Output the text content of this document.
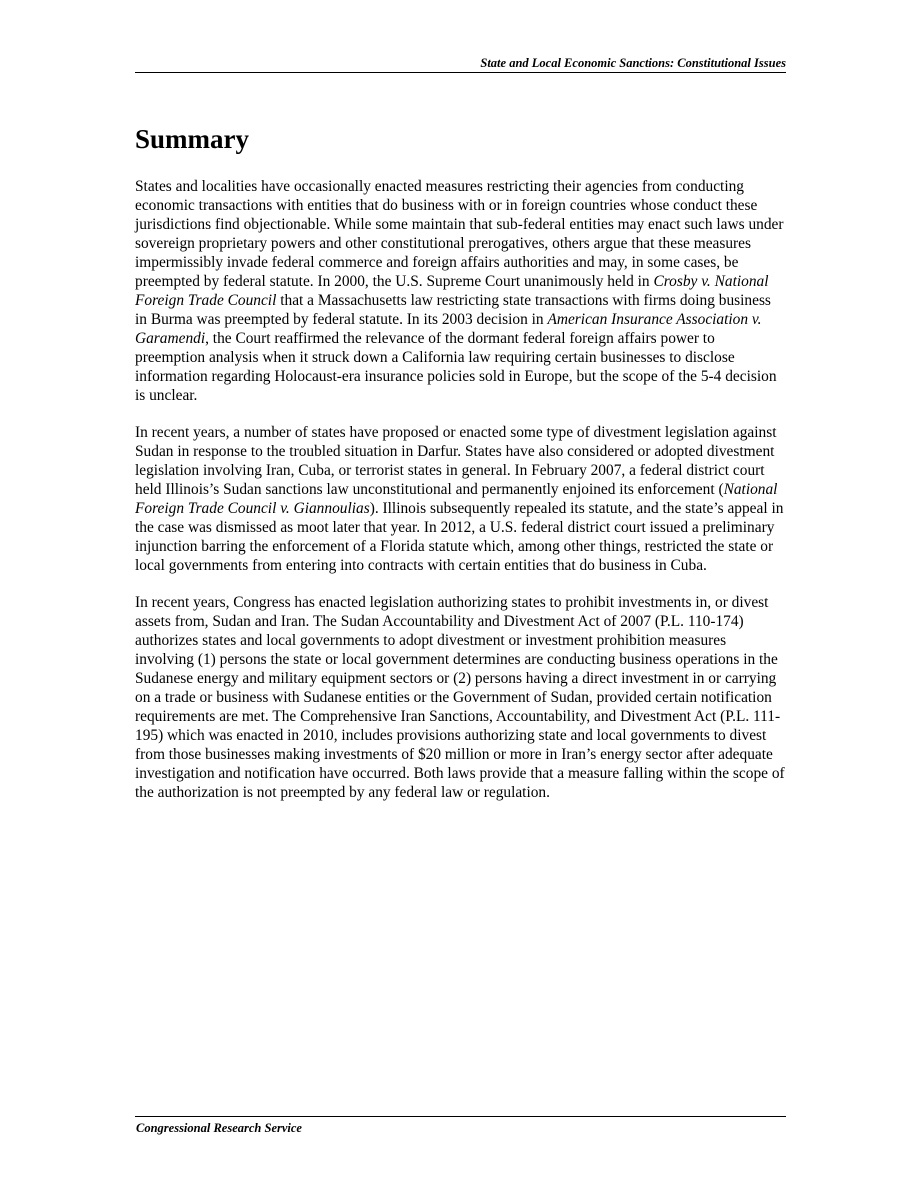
State and Local Economic Sanctions: Constitutional Issues
Summary

States and localities have occasionally enacted measures restricting their agencies from conducting economic transactions with entities that do business with or in foreign countries whose conduct these jurisdictions find objectionable. While some maintain that sub-federal entities may enact such laws under sovereign proprietary powers and other constitutional prerogatives, others argue that these measures impermissibly invade federal commerce and foreign affairs authorities and may, in some cases, be preempted by federal statute. In 2000, the U.S. Supreme Court unanimously held in Crosby v. National Foreign Trade Council that a Massachusetts law restricting state transactions with firms doing business in Burma was preempted by federal statute. In its 2003 decision in American Insurance Association v. Garamendi, the Court reaffirmed the relevance of the dormant federal foreign affairs power to preemption analysis when it struck down a California law requiring certain businesses to disclose information regarding Holocaust-era insurance policies sold in Europe, but the scope of the 5-4 decision is unclear.

In recent years, a number of states have proposed or enacted some type of divestment legislation against Sudan in response to the troubled situation in Darfur. States have also considered or adopted divestment legislation involving Iran, Cuba, or terrorist states in general. In February 2007, a federal district court held Illinois’s Sudan sanctions law unconstitutional and permanently enjoined its enforcement (National Foreign Trade Council v. Giannoulias). Illinois subsequently repealed its statute, and the state’s appeal in the case was dismissed as moot later that year. In 2012, a U.S. federal district court issued a preliminary injunction barring the enforcement of a Florida statute which, among other things, restricted the state or local governments from entering into contracts with certain entities that do business in Cuba.

In recent years, Congress has enacted legislation authorizing states to prohibit investments in, or divest assets from, Sudan and Iran. The Sudan Accountability and Divestment Act of 2007 (P.L. 110-174) authorizes states and local governments to adopt divestment or investment prohibition measures involving (1) persons the state or local government determines are conducting business operations in the Sudanese energy and military equipment sectors or (2) persons having a direct investment in or carrying on a trade or business with Sudanese entities or the Government of Sudan, provided certain notification requirements are met. The Comprehensive Iran Sanctions, Accountability, and Divestment Act (P.L. 111-195) which was enacted in 2010, includes provisions authorizing state and local governments to divest from those businesses making investments of $20 million or more in Iran’s energy sector after adequate investigation and notification have occurred. Both laws provide that a measure falling within the scope of the authorization is not preempted by any federal law or regulation.

Congressional Research Service
